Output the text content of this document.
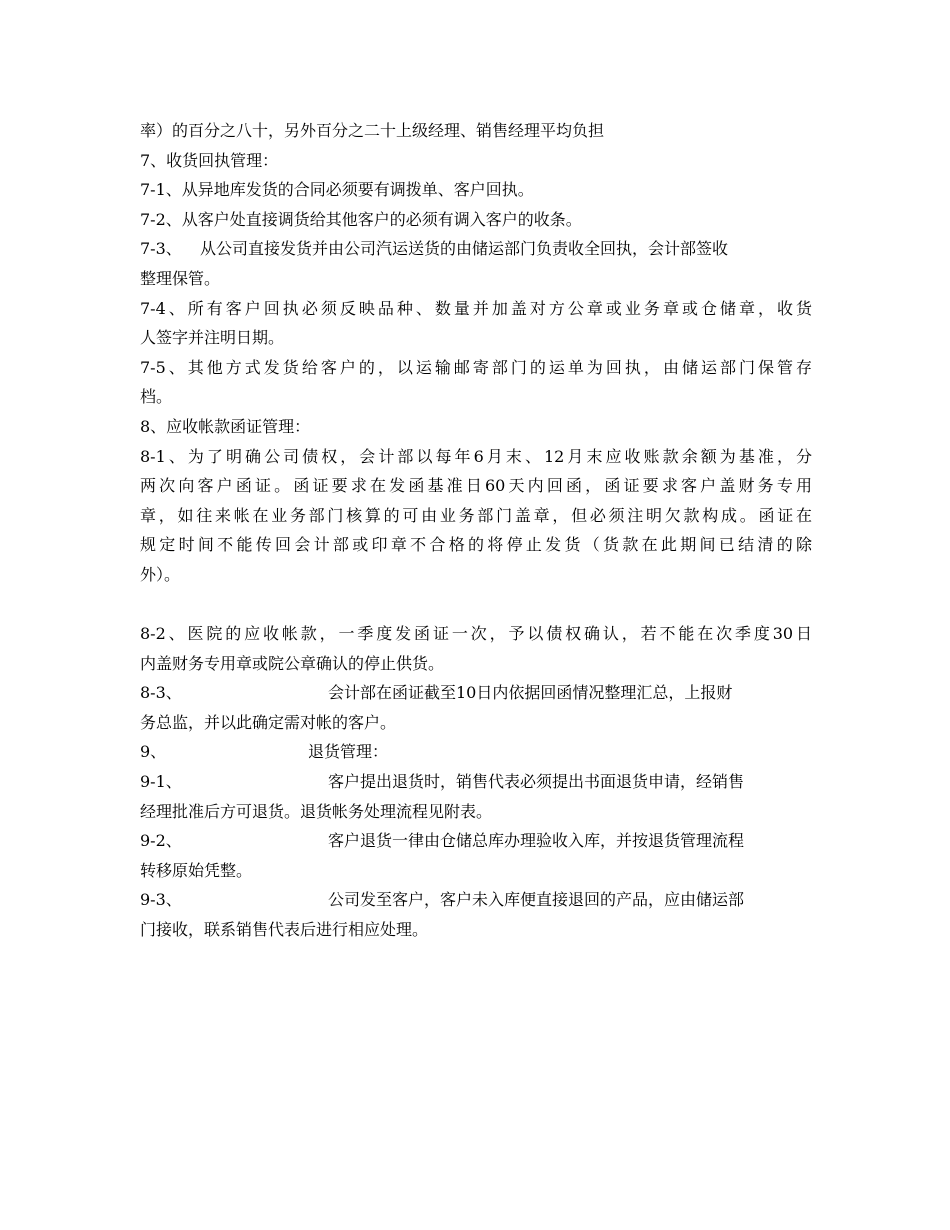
率）的百分之八十，另外百分之二十上级经理、销售经理平均负担
7、收货回执管理：
7-1、从异地库发货的合同必须要有调拨单、客户回执。
7-2、从客户处直接调货给其他客户的必须有调入客户的收条。
7-3、 从公司直接发货并由公司汽运送货的由储运部门负责收全回执，会计部签收
整理保管。
7-4、所有客户回执必须反映品种、数量并加盖对方公章或业务章或仓储章，收货
人签字并注明日期。
7-5、其他方式发货给客户的，以运输邮寄部门的运单为回执，由储运部门保管存
档。
8、应收帐款函证管理：
8-1、为了明确公司债权，会计部以每年6月末、12月末应收账款余额为基准，分
两次向客户函证。函证要求在发函基准日60天内回函，函证要求客户盖财务专用
章，如往来帐在业务部门核算的可由业务部门盖章，但必须注明欠款构成。函证在
规定时间不能传回会计部或印章不合格的将停止发货（货款在此期间已结清的除
外）。
8-2、医院的应收帐款，一季度发函证一次，予以债权确认，若不能在次季度30日
内盖财务专用章或院公章确认的停止供货。
8-3、	会计部在函证截至10日内依据回函情况整理汇总，上报财
务总监，并以此确定需对帐的客户。
9、	退货管理：
9-1、	客户提出退货时，销售代表必须提出书面退货申请，经销售
经理批准后方可退货。退货帐务处理流程见附表。
9-2、	客户退货一律由仓储总库办理验收入库，并按退货管理流程
转移原始凭整。
9-3、	公司发至客户，客户未入库便直接退回的产品，应由储运部
门接收，联系销售代表后进行相应处理。
